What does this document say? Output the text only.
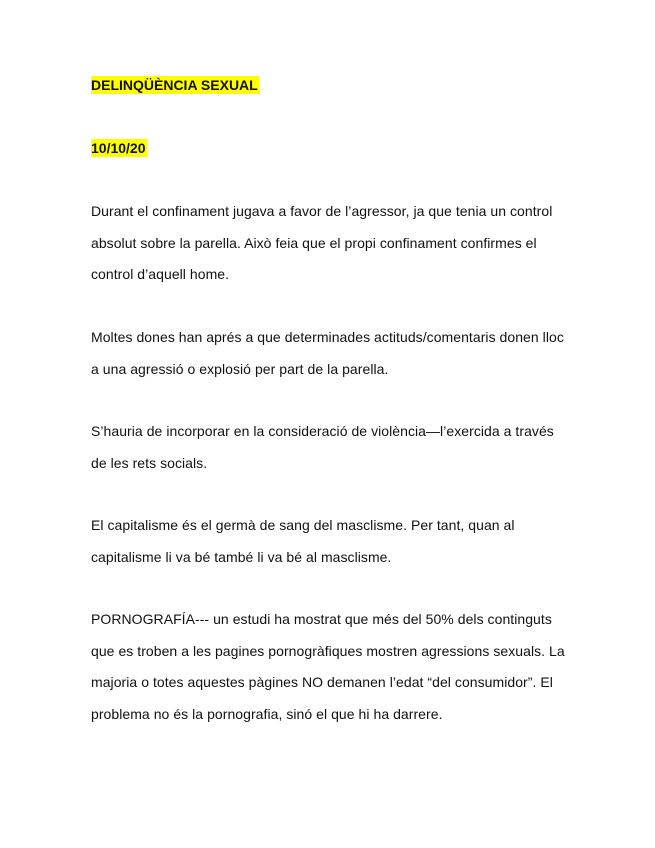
DELINQÜÈNCIA SEXUAL
10/10/20

Durant el confinament jugava a favor de l’agressor, ja que tenia un control absolut sobre la parella. Això feia que el propi confinament confirmes el control d’aquell home.

Moltes dones han aprés a que determinades actituds/comentaris donen lloc a una agressió o explosió per part de la parella.

S’hauria de incorporar en la consideració de violència—l’exercida a través de les rets socials.

El capitalisme és el germà de sang del masclisme. Per tant, quan al capitalisme li va bé també li va bé al masclisme.

PORNOGRAFÍA--- un estudi ha mostrat que més del 50% dels continguts que es troben a les pagines pornogràfiques mostren agressions sexuals. La majoria o totes aquestes pàgines NO demanen l’edat “del consumidor”. El problema no és la pornografia, sinó el que hi ha darrere.
